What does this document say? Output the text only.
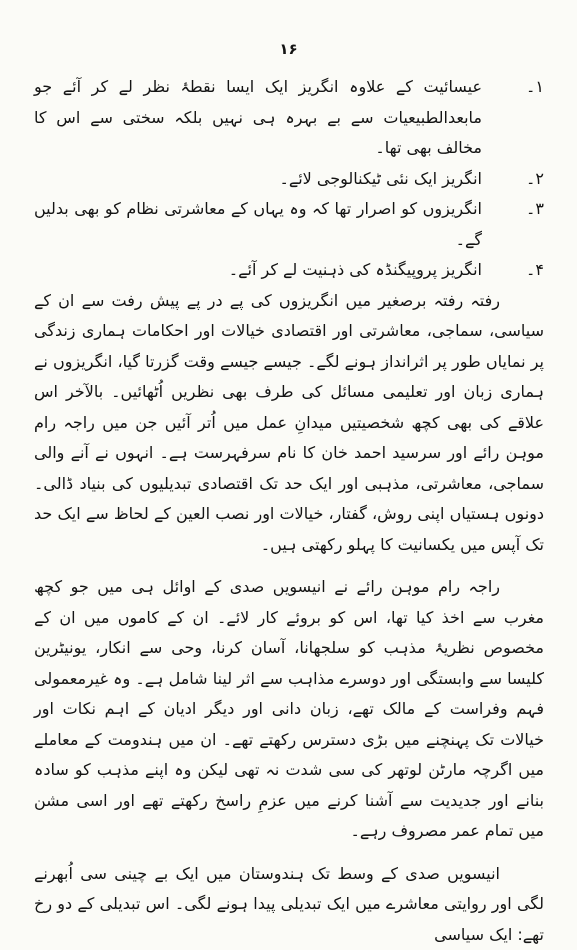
۱۶
۱۔
عیسائیت کے علاوہ انگریز ایک ایسا نقطۂ نظر لے کر آئے جو مابعدالطبیعیات سے بے بہرہ ہی نہیں بلکہ سختی سے اس کا مخالف بھی تھا۔
۲۔
انگریز ایک نئی ٹیکنالوجی لائے۔
۳۔
انگریزوں کو اصرار تھا کہ وہ یہاں کے معاشرتی نظام کو بھی بدلیں گے۔
۴۔
انگریز پروپیگنڈہ کی ذہنیت لے کر آئے۔

رفتہ رفتہ برصغیر میں انگریزوں کی پے در پے پیش رفت سے ان کے سیاسی، سماجی، معاشرتی اور اقتصادی خیالات اور احکامات ہماری زندگی پر نمایاں طور پر اثرانداز ہونے لگے۔ جیسے جیسے وقت گزرتا گیا، انگریزوں نے ہماری زبان اور تعلیمی مسائل کی طرف بھی نظریں اُٹھائیں۔ بالآخر اس علاقے کی بھی کچھ شخصیتیں میدانِ عمل میں اُتر آئیں جن میں راجہ رام موہن رائے اور سرسید احمد خان کا نام سرفہرست ہے۔ انہوں نے آنے والی سماجی، معاشرتی، مذہبی اور ایک حد تک اقتصادی تبدیلیوں کی بنیاد ڈالی۔ دونوں ہستیاں اپنی روش، گفتار، خیالات اور نصب العین کے لحاظ سے ایک حد تک آپس میں یکسانیت کا پہلو رکھتی ہیں۔

راجہ رام موہن رائے نے انیسویں صدی کے اوائل ہی میں جو کچھ مغرب سے اخذ کیا تھا، اس کو بروئے کار لائے۔ ان کے کاموں میں ان کے مخصوص نظریۂ مذہب کو سلجھانا، آسان کرنا، وحی سے انکار، یونیٹرین کلیسا سے وابستگی اور دوسرے مذاہب سے اثر لینا شامل ہے۔ وہ غیرمعمولی فہم وفراست کے مالک تھے، زبان دانی اور دیگر ادیان کے اہم نکات اور خیالات تک پہنچنے میں بڑی دسترس رکھتے تھے۔ ان میں ہندومت کے معاملے میں اگرچہ مارٹن لوتھر کی سی شدت نہ تھی لیکن وہ اپنے مذہب کو سادہ بنانے اور جدیدیت سے آشنا کرنے میں عزمِ راسخ رکھتے تھے اور اسی مشن میں تمام عمر مصروف رہے۔

انیسویں صدی کے وسط تک ہندوستان میں ایک بے چینی سی اُبھرنے لگی اور روایتی معاشرے میں ایک تبدیلی پیدا ہونے لگی۔ اس تبدیلی کے دو رخ تھے: ایک سیاسی
